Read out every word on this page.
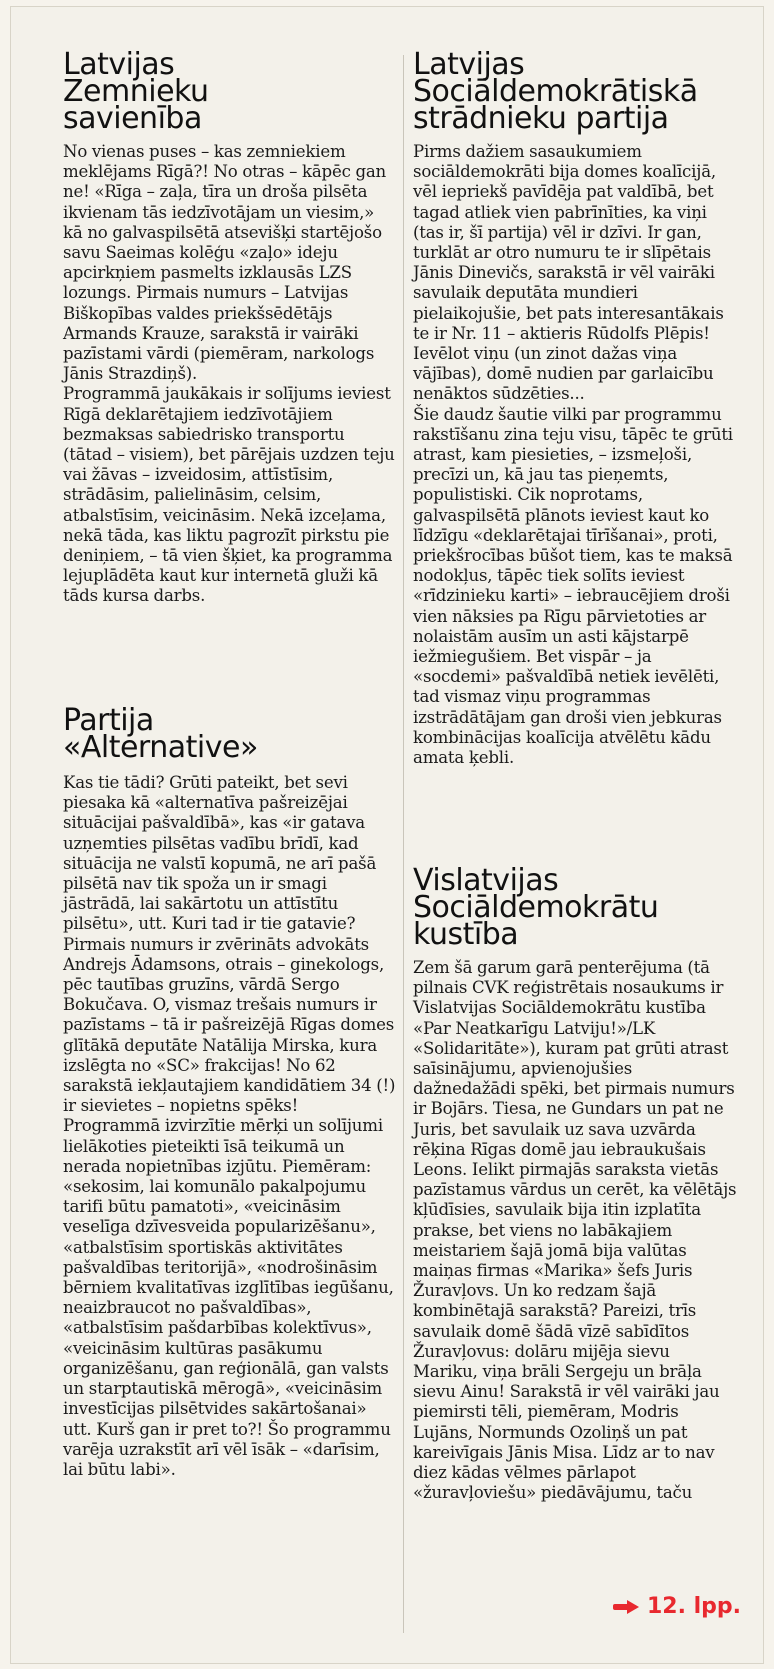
Latvijas Zemnieku savienība

No vienas puses – kas zemniekiem meklējams Rīgā?! No otras – kāpēc gan ne! «Rīga – zaļa, tīra un droša pilsēta ikvienam tās iedzīvotājam un viesim,» kā no galvaspilsētā atsevišķi startējošo savu Saeimas kolēģu «zaļo» ideju apcirkņiem pasmelts izklausās LZS lozungs. Pirmais numurs – Latvijas Biškopības valdes priekšsēdētājs Armands Krauze, sarakstā ir vairāki pazīstami vārdi (piemēram, narkologs Jānis Strazdiņš).

Programmā jaukākais ir solījums ieviest Rīgā deklarētajiem iedzīvotājiem bezmaksas sabiedrisko transportu (tātad – visiem), bet pārējais uzdzen teju vai žāvas – izveidosim, attīstīsim, strādāsim, palielināsim, celsim, atbalstīsim, veicināsim. Nekā izceļama, nekā tāda, kas liktu pagrozīt pirkstu pie deniņiem, – tā vien šķiet, ka programma lejuplādēta kaut kur internetā gluži kā tāds kursa darbs.

Partija «Alternative»

Kas tie tādi? Grūti pateikt, bet sevi piesaka kā «alternatīva pašreizējai situācijai pašvaldībā», kas «ir gatava uzņemties pilsētas vadību brīdī, kad situācija ne valstī kopumā, ne arī pašā pilsētā nav tik spoža un ir smagi jāstrādā, lai sakārtotu un attīstītu pilsētu», utt. Kuri tad ir tie gatavie? Pirmais numurs ir zvērināts advokāts Andrejs Ādamsons, otrais – ginekologs, pēc tautības gruzīns, vārdā Sergo Bokučava. O, vismaz trešais numurs ir pazīstams – tā ir pašreizējā Rīgas domes glītākā deputāte Natālija Mirska, kura izslēgta no «SC» frakcijas! No 62 sarakstā iekļautajiem kandidātiem 34 (!) ir sievietes – nopietns spēks!

Programmā izvirzītie mērķi un solījumi lielākoties pieteikti īsā teikumā un nerada nopietnības izjūtu. Piemēram: «sekosim, lai komunālo pakalpojumu tarifi būtu pamatoti», «veicināsim veselīga dzīvesveida popularizēšanu», «atbalstīsim sportiskās aktivitātes pašvaldības teritorijā», «nodrošināsim bērniem kvalitatīvas izglītības iegūšanu, neaizbraucot no pašvaldības», «atbalstīsim pašdarbības kolektīvus», «veicināsim kultūras pasākumu organizēšanu, gan reģionālā, gan valsts un starptautiskā mērogā», «veicināsim investīcijas pilsētvides sakārtošanai» utt. Kurš gan ir pret to?! Šo programmu varēja uzrakstīt arī vēl īsāk – «darīsim, lai būtu labi».

Latvijas Sociāldemokrātiskā strādnieku partija

Pirms dažiem sasaukumiem sociāldemokrāti bija domes koalīcijā, vēl iepriekš pavīdēja pat valdībā, bet tagad atliek vien pabrīnīties, ka viņi (tas ir, šī partija) vēl ir dzīvi. Ir gan, turklāt ar otro numuru te ir slīpētais Jānis Dinevičs, sarakstā ir vēl vairāki savulaik deputāta mundieri pielaikojušie, bet pats interesantākais te ir Nr. 11 – aktieris Rūdolfs Plēpis! Ievēlot viņu (un zinot dažas viņa vājības), domē nudien par garlaicību nenāktos sūdzēties...

Šie daudz šautie vilki par programmu rakstīšanu zina teju visu, tāpēc te grūti atrast, kam piesieties, – izsmeļoši, precīzi un, kā jau tas pieņemts, populistiski. Cik noprotams, galvaspilsētā plānots ieviest kaut ko līdzīgu «deklarētajai tīrīšanai», proti, priekšrocības būšot tiem, kas te maksā nodokļus, tāpēc tiek solīts ieviest «rīdzinieku karti» – iebraucējiem droši vien nāksies pa Rīgu pārvietoties ar nolaistām ausīm un asti kājstarpē iežmiegušiem. Bet vispār – ja «socdemi» pašvaldībā netiek ievēlēti, tad vismaz viņu programmas izstrādātājam gan droši vien jebkuras kombinācijas koalīcija atvēlētu kādu amata ķebli.

Vislatvijas Sociāldemokrātu kustība

Zem šā garum garā penterējuma (tā pilnais CVK reģistrētais nosaukums ir Vislatvijas Sociāldemokrātu kustība «Par Neatkarīgu Latviju!»/LK «Solidaritāte»), kuram pat grūti atrast saīsinājumu, apvienojušies dažnedažādi spēki, bet pirmais numurs ir Bojārs. Tiesa, ne Gundars un pat ne Juris, bet savulaik uz sava uzvārda rēķina Rīgas domē jau iebraukušais Leons. Ielikt pirmajās saraksta vietās pazīstamus vārdus un cerēt, ka vēlētājs kļūdīsies, savulaik bija itin izplatīta prakse, bet viens no labākajiem meistariem šajā jomā bija valūtas maiņas firmas «Marika» šefs Juris Žuravļovs. Un ko redzam šajā kombinētajā sarakstā? Pareizi, trīs savulaik domē šādā vīzē sabīdītos Žuravļovus: dolāru mijēja sievu Mariku, viņa brāli Sergeju un brāļa sievu Ainu! Sarakstā ir vēl vairāki jau piemirsti tēli, piemēram, Modris Lujāns, Normunds Ozoliņš un pat kareivīgais Jānis Misa. Līdz ar to nav diez kādas vēlmes pārlapot «žuravļoviešu» piedāvājumu, taču

12. lpp.
